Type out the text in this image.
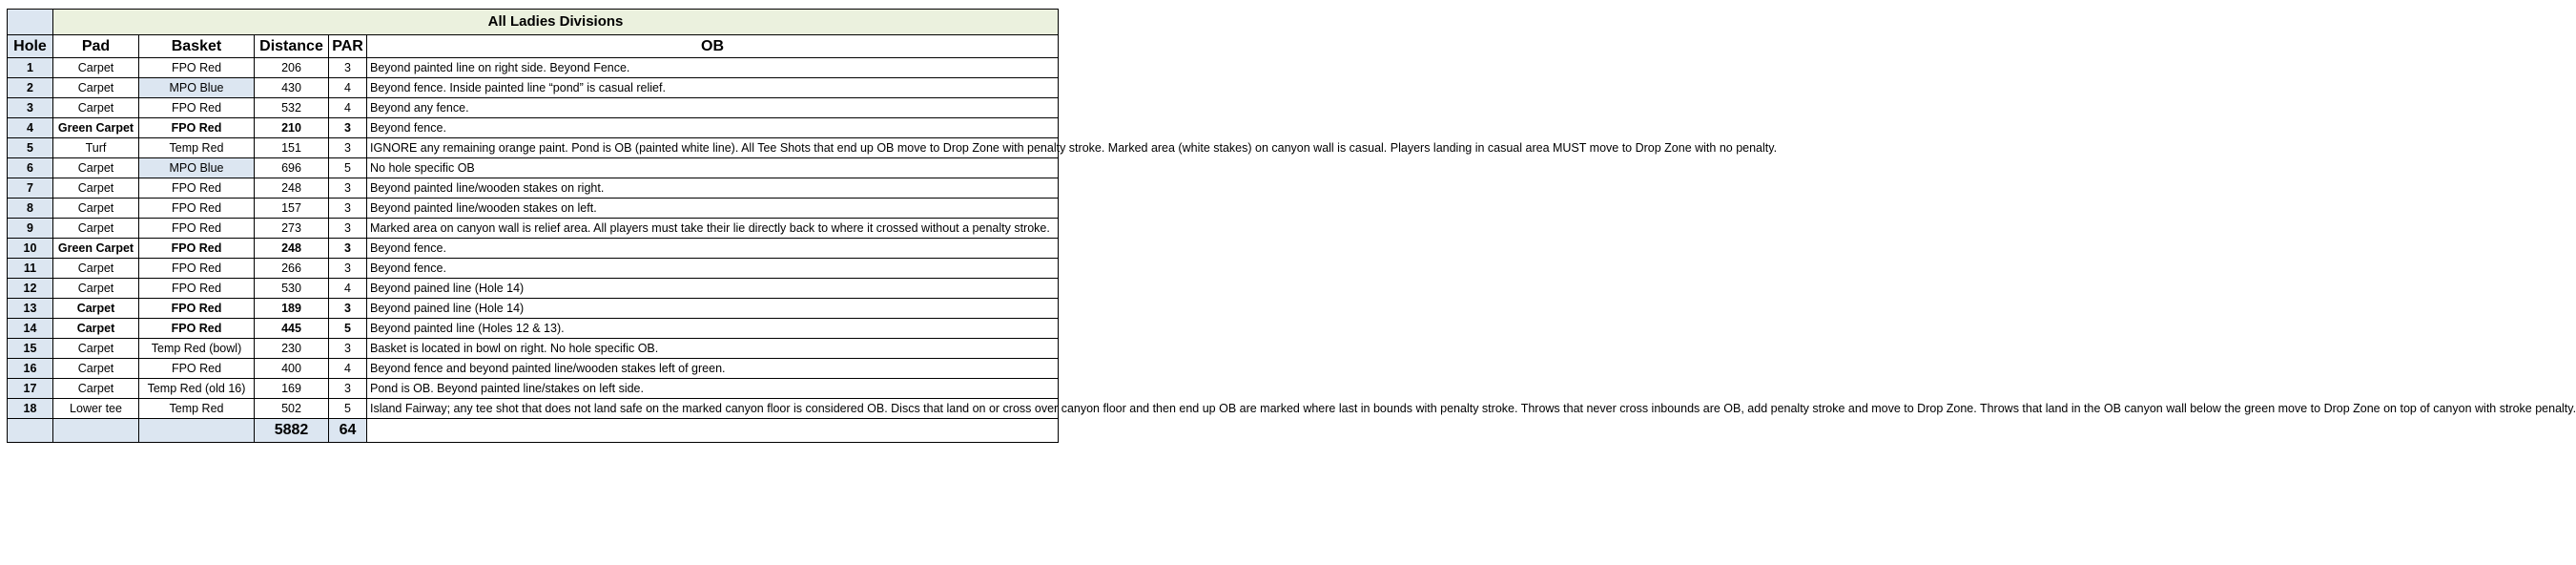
	All Ladies Divisions				
Hole	Pad	Basket	Distance	PAR	OB
1	Carpet	FPO Red	206	3	Beyond painted line on right side. Beyond Fence.
2	Carpet	MPO Blue	430	4	Beyond fence. Inside painted line “pond” is casual relief.
3	Carpet	FPO Red	532	4	Beyond any fence.
4	Green Carpet	FPO Red	210	3	Beyond fence.
5	Turf	Temp Red	151	3	IGNORE any remaining orange paint. Pond is OB (painted white line). All Tee Shots that end up OB move to Drop Zone with penalty stroke. Marked area (white stakes) on canyon wall is casual. Players landing in casual area MUST move to Drop Zone with no penalty.
6	Carpet	MPO Blue	696	5	No hole specific OB
7	Carpet	FPO Red	248	3	Beyond painted line/wooden stakes on right.
8	Carpet	FPO Red	157	3	Beyond painted line/wooden stakes on left.
9	Carpet	FPO Red	273	3	Marked area on canyon wall is relief area. All players must take their lie directly back to where it crossed without a penalty stroke.
10	Green Carpet	FPO Red	248	3	Beyond fence.
11	Carpet	FPO Red	266	3	Beyond fence.
12	Carpet	FPO Red	530	4	Beyond pained line (Hole 14)
13	Carpet	FPO Red	189	3	Beyond pained line (Hole 14)
14	Carpet	FPO Red	445	5	Beyond painted line (Holes 12 & 13).
15	Carpet	Temp Red (bowl)	230	3	Basket is located in bowl on right. No hole specific OB.
16	Carpet	FPO Red	400	4	Beyond fence and beyond painted line/wooden stakes left of green.
17	Carpet	Temp Red (old 16)	169	3	Pond is OB. Beyond painted line/stakes on left side.
18	Lower tee	Temp Red	502	5	Island Fairway; any tee shot that does not land safe on the marked canyon floor is considered OB. Discs that land on or cross over canyon floor and then end up OB are marked where last in bounds with penalty stroke. Throws that never cross inbounds are OB, add penalty stroke and move to Drop Zone. Throws that land in the OB canyon wall below the green move to Drop Zone on top of canyon with stroke penalty.
			5882	64	
